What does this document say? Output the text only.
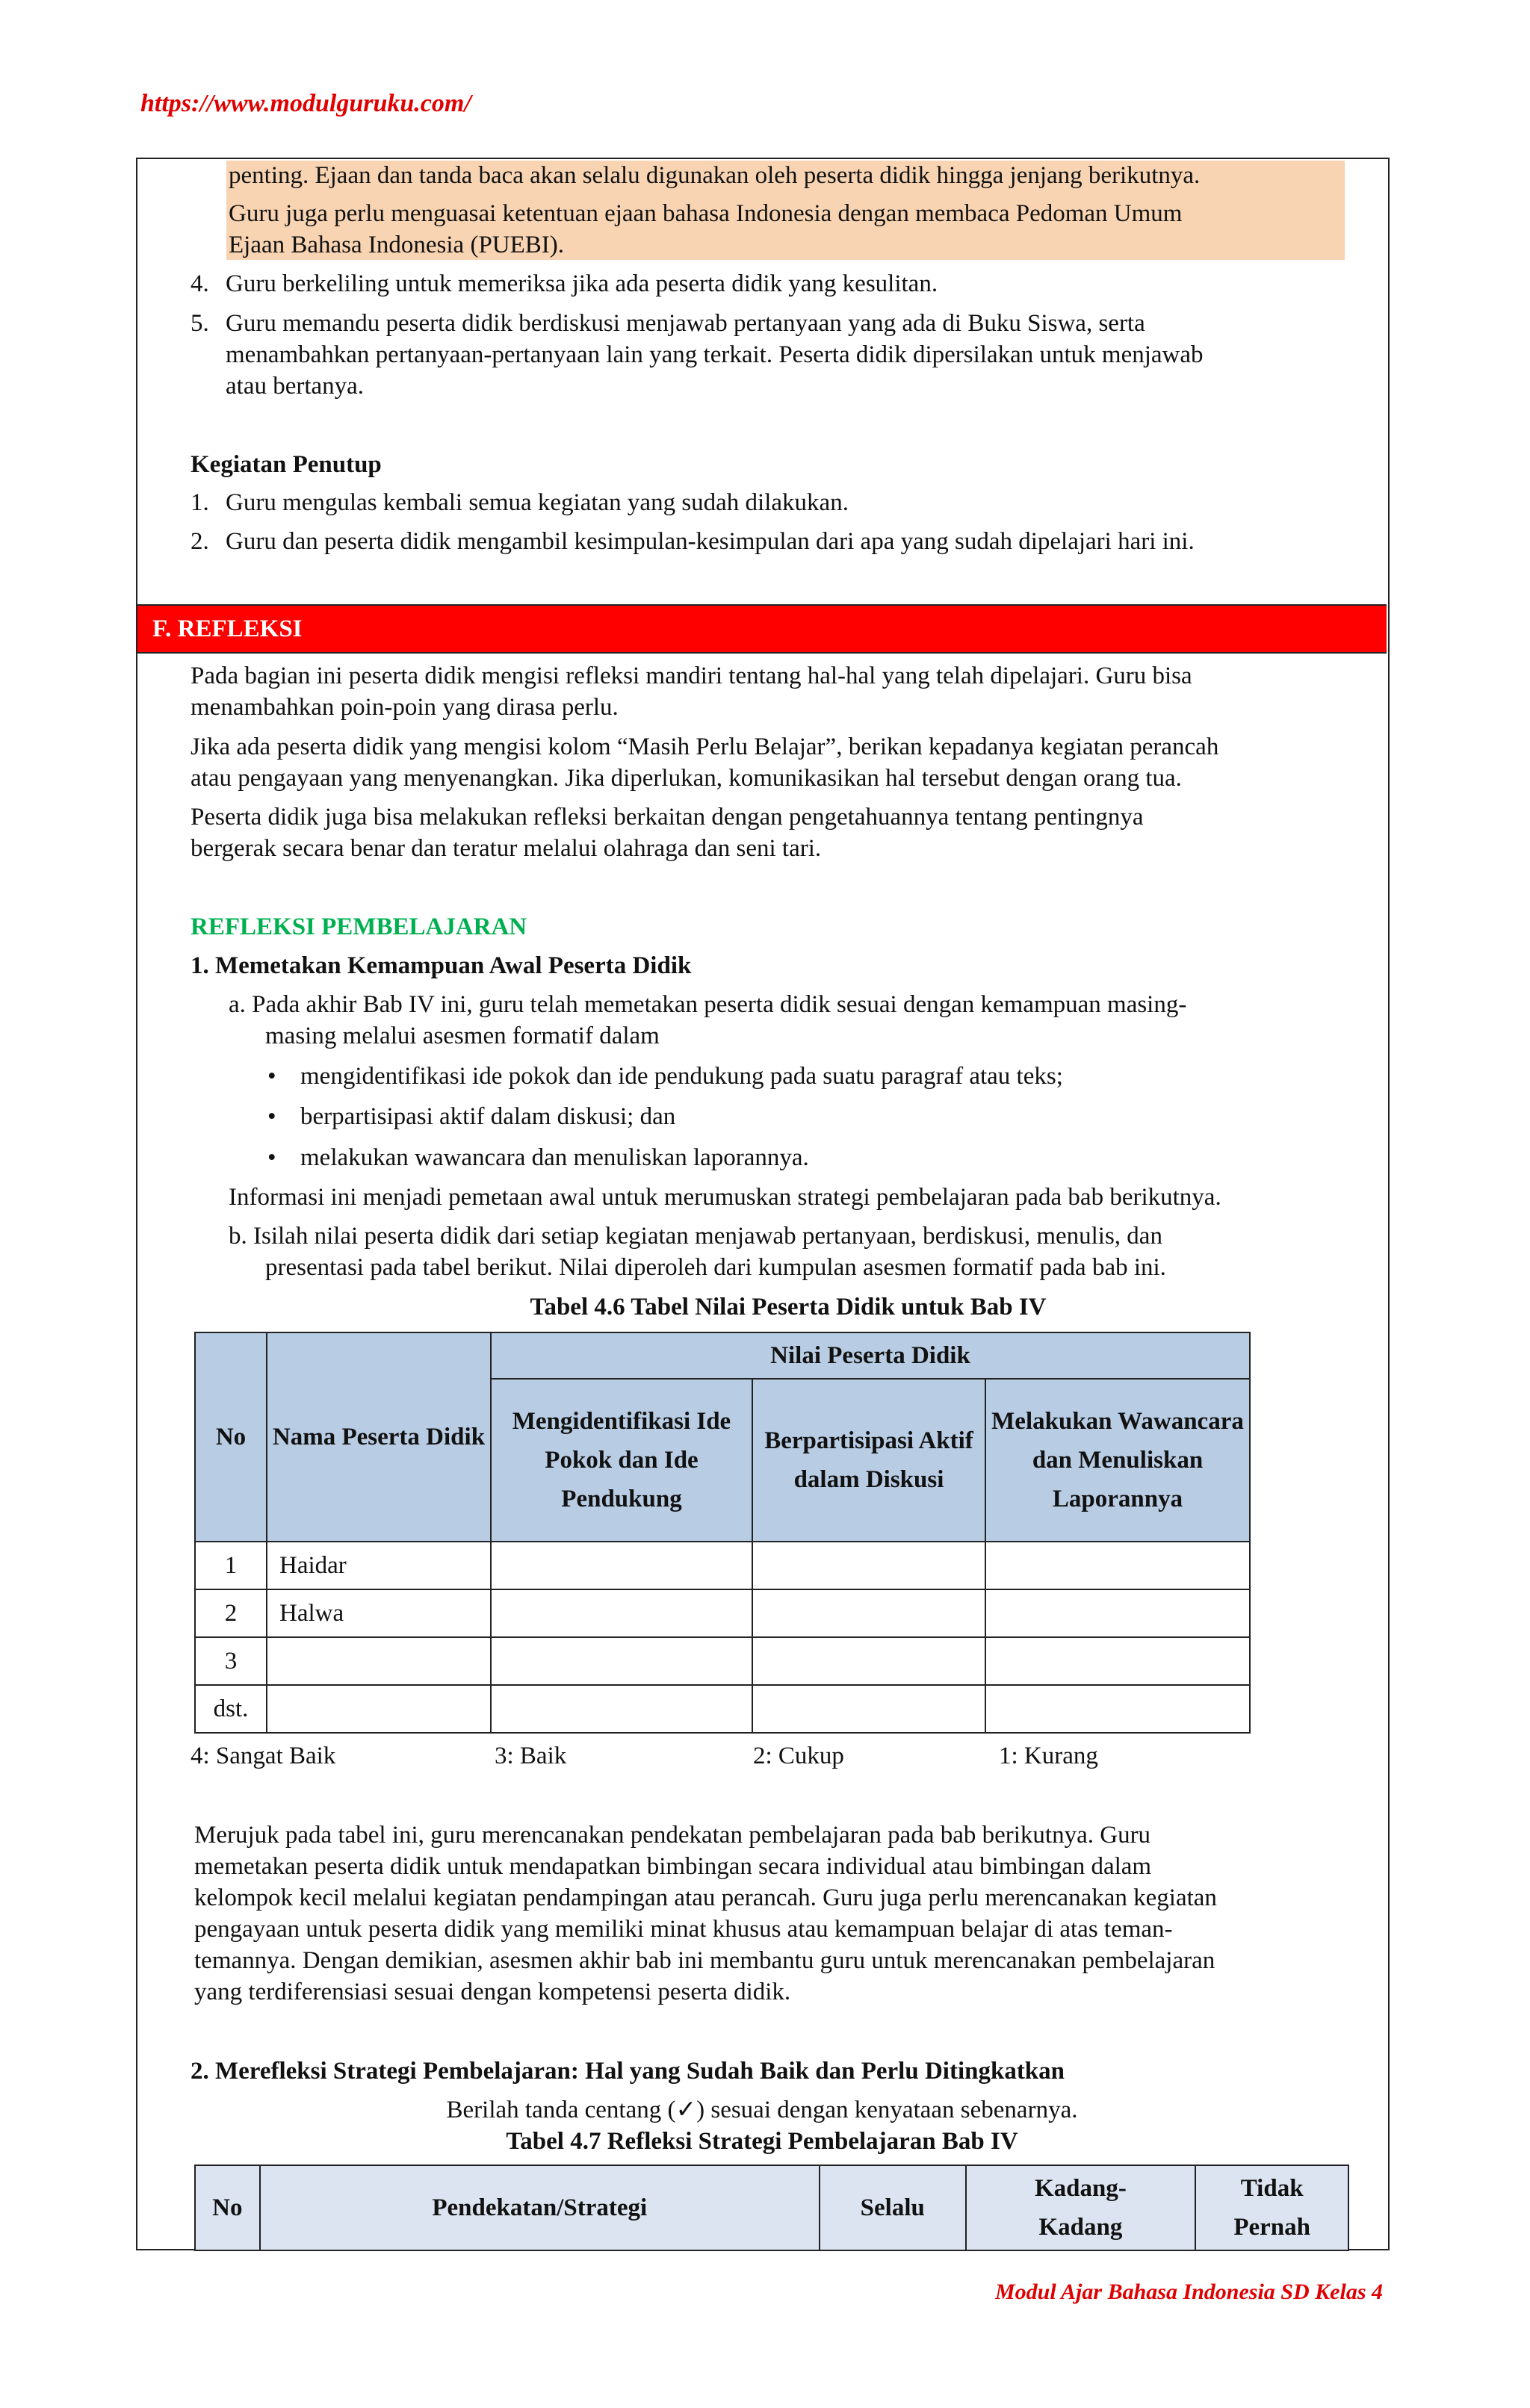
https://www.modulguruku.com/
penting. Ejaan dan tanda baca akan selalu digunakan oleh peserta didik hingga jenjang berikutnya.
Guru juga perlu menguasai ketentuan ejaan bahasa Indonesia dengan membaca Pedoman Umum
Ejaan Bahasa Indonesia (PUEBI).
4. Guru berkeliling untuk memeriksa jika ada peserta didik yang kesulitan.
5. Guru memandu peserta didik berdiskusi menjawab pertanyaan yang ada di Buku Siswa, serta
menambahkan pertanyaan-pertanyaan lain yang terkait. Peserta didik dipersilakan untuk menjawab
atau bertanya.
Kegiatan Penutup
1. Guru mengulas kembali semua kegiatan yang sudah dilakukan.
2. Guru dan peserta didik mengambil kesimpulan-kesimpulan dari apa yang sudah dipelajari hari ini.
F. REFLEKSI
Pada bagian ini peserta didik mengisi refleksi mandiri tentang hal-hal yang telah dipelajari. Guru bisa
menambahkan poin-poin yang dirasa perlu.
Jika ada peserta didik yang mengisi kolom “Masih Perlu Belajar”, berikan kepadanya kegiatan perancah
atau pengayaan yang menyenangkan. Jika diperlukan, komunikasikan hal tersebut dengan orang tua.
Peserta didik juga bisa melakukan refleksi berkaitan dengan pengetahuannya tentang pentingnya
bergerak secara benar dan teratur melalui olahraga dan seni tari.
REFLEKSI PEMBELAJARAN
1. Memetakan Kemampuan Awal Peserta Didik
a. Pada akhir Bab IV ini, guru telah memetakan peserta didik sesuai dengan kemampuan masing-
masing melalui asesmen formatif dalam
• mengidentifikasi ide pokok dan ide pendukung pada suatu paragraf atau teks;
• berpartisipasi aktif dalam diskusi; dan
• melakukan wawancara dan menuliskan laporannya.
Informasi ini menjadi pemetaan awal untuk merumuskan strategi pembelajaran pada bab berikutnya.
b. Isilah nilai peserta didik dari setiap kegiatan menjawab pertanyaan, berdiskusi, menulis, dan
presentasi pada tabel berikut. Nilai diperoleh dari kumpulan asesmen formatif pada bab ini.
Tabel 4.6 Tabel Nilai Peserta Didik untuk Bab IV
No	Nama Peserta Didik	Nilai Peserta Didik		
		Mengidentifikasi Ide Pokok dan Ide Pendukung	Berpartisipasi Aktif dalam Diskusi	Melakukan Wawancara dan Menuliskan Laporannya
1	Haidar			
2	Halwa			
3				
dst.				
4: Sangat Baik	3: Baik	2: Cukup	1: Kurang
Merujuk pada tabel ini, guru merencanakan pendekatan pembelajaran pada bab berikutnya. Guru
memetakan peserta didik untuk mendapatkan bimbingan secara individual atau bimbingan dalam
kelompok kecil melalui kegiatan pendampingan atau perancah. Guru juga perlu merencanakan kegiatan
pengayaan untuk peserta didik yang memiliki minat khusus atau kemampuan belajar di atas teman-
temannya. Dengan demikian, asesmen akhir bab ini membantu guru untuk merencanakan pembelajaran
yang terdiferensiasi sesuai dengan kompetensi peserta didik.
2. Merefleksi Strategi Pembelajaran: Hal yang Sudah Baik dan Perlu Ditingkatkan
Berilah tanda centang (✓) sesuai dengan kenyataan sebenarnya.
Tabel 4.7 Refleksi Strategi Pembelajaran Bab IV
No	Pendekatan/Strategi	Selalu	Kadang-Kadang	Tidak Pernah
Modul Ajar Bahasa Indonesia SD Kelas 4
